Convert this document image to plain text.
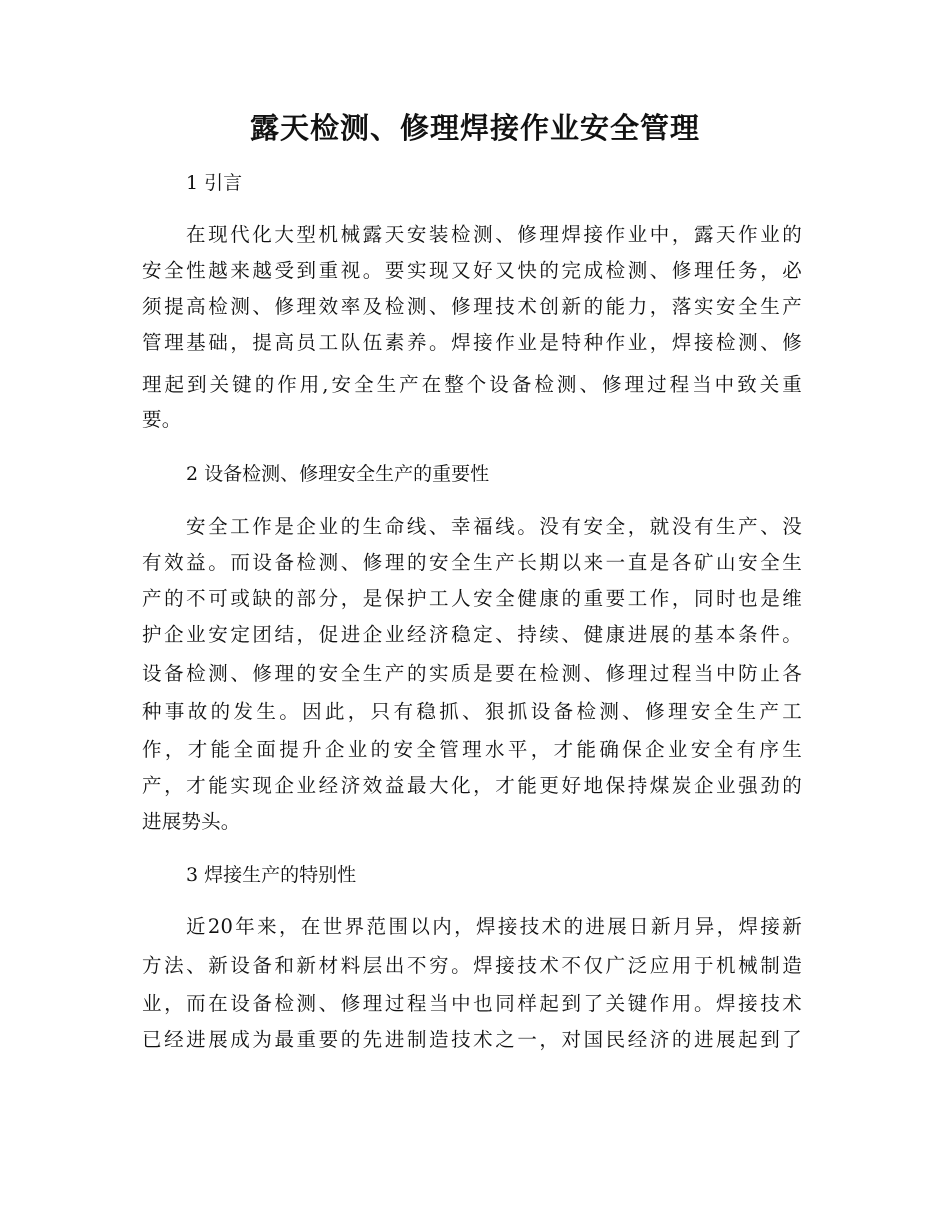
露天检测、修理焊接作业安全管理
1 引言

在现代化大型机械露天安装检测、修理焊接作业中，露天作业的

安全性越来越受到重视。要实现又好又快的完成检测、修理任务，必

须提高检测、修理效率及检测、修理技术创新的能力，落实安全生产

管理基础，提高员工队伍素养。焊接作业是特种作业，焊接检测、修

理起到关键的作用,安全生产在整个设备检测、修理过程当中致关重

要。

2 设备检测、修理安全生产的重要性

安全工作是企业的生命线、幸福线。没有安全，就没有生产、没

有效益。而设备检测、修理的安全生产长期以来一直是各矿山安全生

产的不可或缺的部分，是保护工人安全健康的重要工作，同时也是维

护企业安定团结，促进企业经济稳定、持续、健康进展的基本条件。

设备检测、修理的安全生产的实质是要在检测、修理过程当中防止各

种事故的发生。因此，只有稳抓、狠抓设备检测、修理安全生产工

作，才能全面提升企业的安全管理水平，才能确保企业安全有序生

产，才能实现企业经济效益最大化，才能更好地保持煤炭企业强劲的

进展势头。

3 焊接生产的特别性

近20年来，在世界范围以内，焊接技术的进展日新月异，焊接新

方法、新设备和新材料层出不穷。焊接技术不仅广泛应用于机械制造

业，而在设备检测、修理过程当中也同样起到了关键作用。焊接技术

已经进展成为最重要的先进制造技术之一，对国民经济的进展起到了
